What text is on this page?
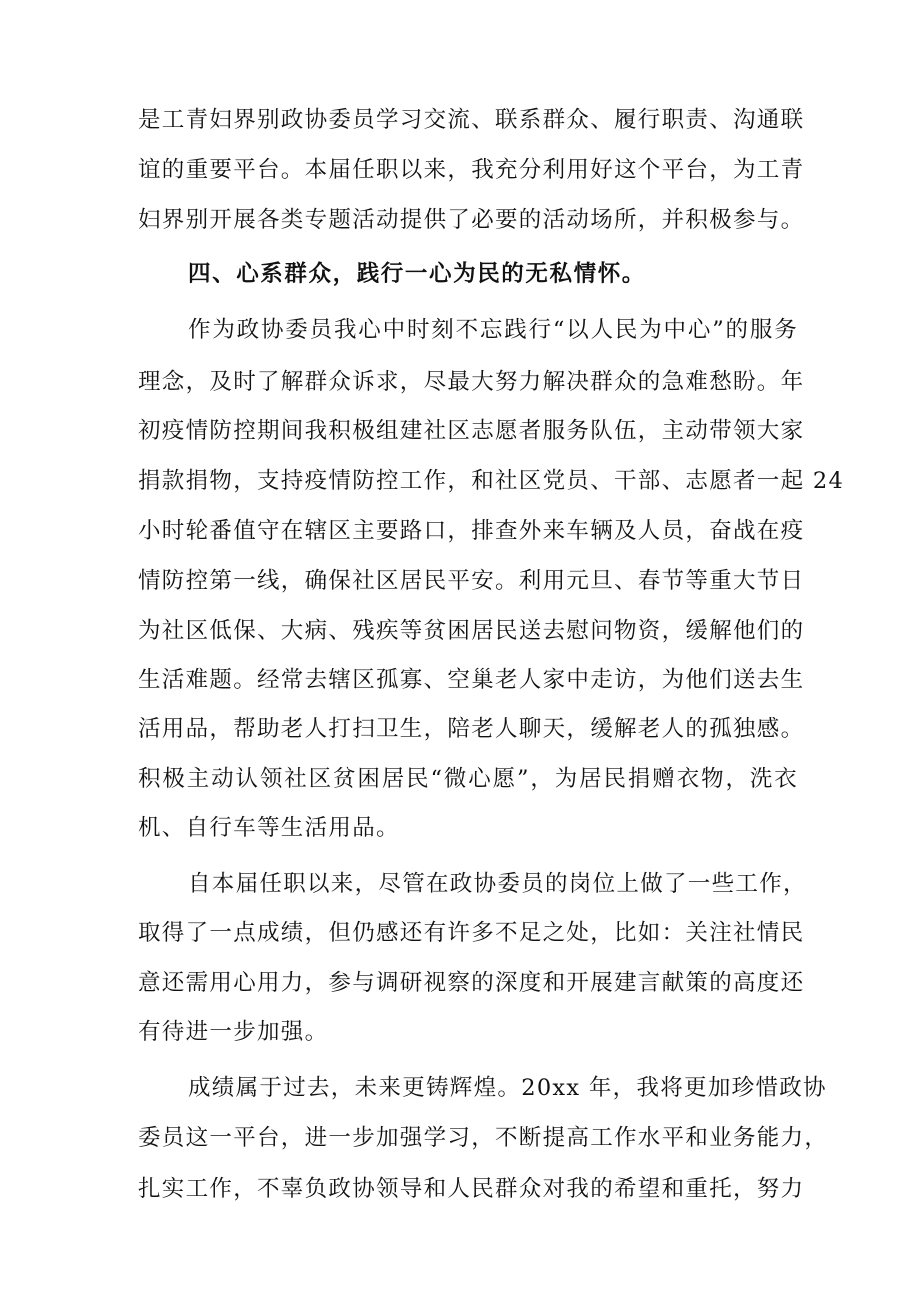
是工青妇界别政协委员学习交流、联系群众、履行职责、沟通联
谊的重要平台。本届任职以来，我充分利用好这个平台，为工青
妇界别开展各类专题活动提供了必要的活动场所，并积极参与。
四、心系群众，践行一心为民的无私情怀。
作为政协委员我心中时刻不忘践行“以人民为中心”的服务
理念，及时了解群众诉求，尽最大努力解决群众的急难愁盼。年
初疫情防控期间我积极组建社区志愿者服务队伍，主动带领大家
捐款捐物，支持疫情防控工作，和社区党员、干部、志愿者一起 24
小时轮番值守在辖区主要路口，排查外来车辆及人员，奋战在疫
情防控第一线，确保社区居民平安。利用元旦、春节等重大节日
为社区低保、大病、残疾等贫困居民送去慰问物资，缓解他们的
生活难题。经常去辖区孤寡、空巢老人家中走访，为他们送去生
活用品，帮助老人打扫卫生，陪老人聊天，缓解老人的孤独感。
积极主动认领社区贫困居民“微心愿”，为居民捐赠衣物，洗衣
机、自行车等生活用品。
自本届任职以来，尽管在政协委员的岗位上做了一些工作，
取得了一点成绩，但仍感还有许多不足之处，比如：关注社情民
意还需用心用力，参与调研视察的深度和开展建言献策的高度还
有待进一步加强。
成绩属于过去，未来更铸辉煌。20xx 年，我将更加珍惜政协
委员这一平台，进一步加强学习，不断提高工作水平和业务能力，
扎实工作，不辜负政协领导和人民群众对我的希望和重托，努力
